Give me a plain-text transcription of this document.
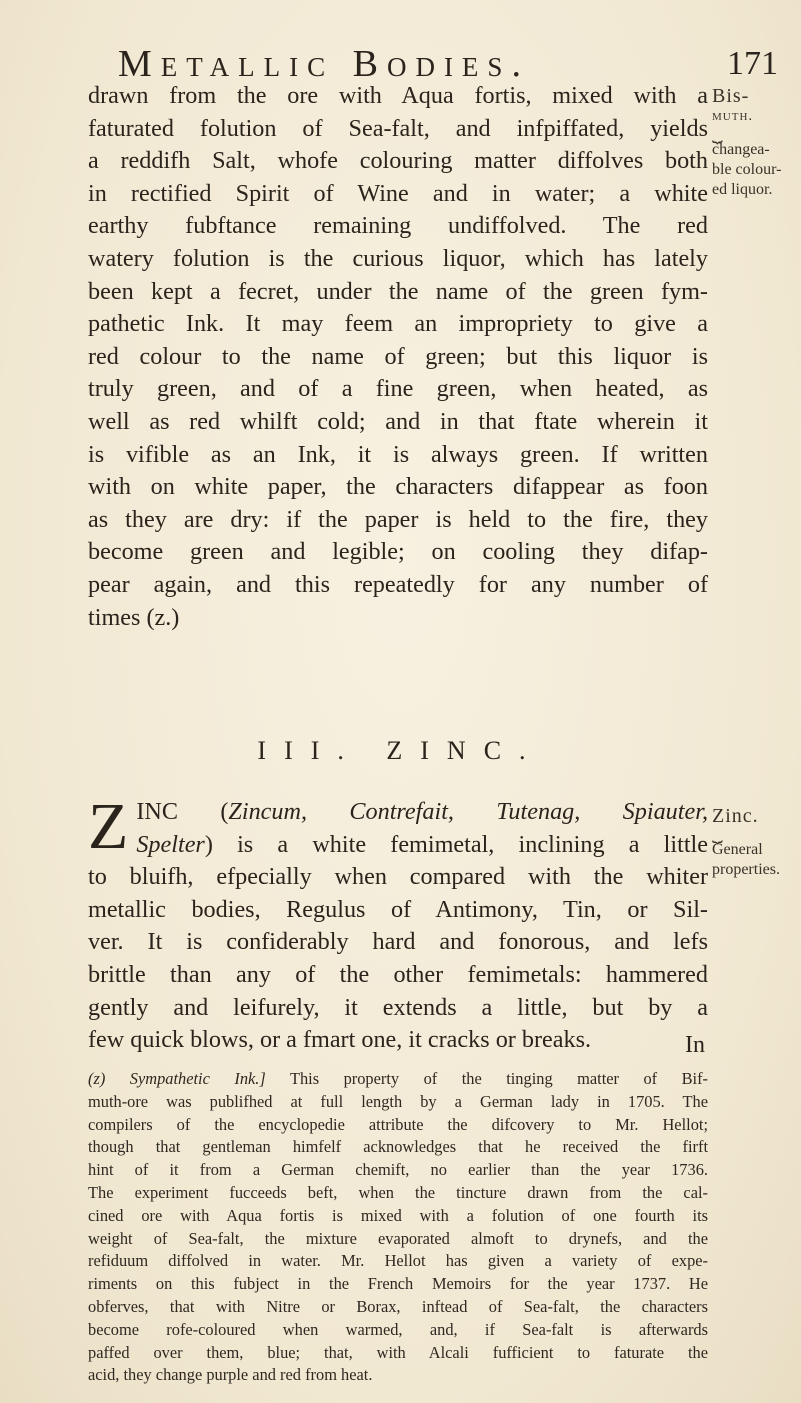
Metallic Bodies.	171
Bis-
muth.
⏟
changea-
ble colour-
ed liquor.
drawn from the ore with Aqua fortis, mixed with a
faturated folution of Sea-falt, and infpiffated, yields
a reddifh Salt, whofe colouring matter diffolves both
in rectified Spirit of Wine and in water; a white
earthy fubftance remaining undiffolved. The red
watery folution is the curious liquor, which has lately
been kept a fecret, under the name of the green fym-
pathetic Ink. It may feem an impropriety to give a
red colour to the name of green; but this liquor is
truly green, and of a fine green, when heated, as
well as red whilft cold; and in that ftate wherein it
is vifible as an Ink, it is always green. If written
with on white paper, the characters difappear as foon
as they are dry: if the paper is held to the fire, they
become green and legible; on cooling they difap-
pear again, and this repeatedly for any number of
times (z.)
III. ZINC.
Zinc.
⏟
General
properties.
Z INC (Zincum, Contrefait, Tutenag, Spiauter,
Spelter) is a white femimetal, inclining a little
to bluifh, efpecially when compared with the whiter
metallic bodies, Regulus of Antimony, Tin, or Sil-
ver. It is confiderably hard and fonorous, and lefs
brittle than any of the other femimetals: hammered
gently and leifurely, it extends a little, but by a
few quick blows, or a fmart one, it cracks or breaks.	In
(z) Sympathetic Ink.] This property of the tinging matter of Bif-
muth-ore was publifhed at full length by a German lady in 1705. The
compilers of the encyclopedie attribute the difcovery to Mr. Hellot;
though that gentleman himfelf acknowledges that he received the firft
hint of it from a German chemift, no earlier than the year 1736.
The experiment fucceeds beft, when the tincture drawn from the cal-
cined ore with Aqua fortis is mixed with a folution of one fourth its
weight of Sea-falt, the mixture evaporated almoft to drynefs, and the
refiduum diffolved in water. Mr. Hellot has given a variety of expe-
riments on this fubject in the French Memoirs for the year 1737. He
obferves, that with Nitre or Borax, inftead of Sea-falt, the characters
become rofe-coloured when warmed, and, if Sea-falt is afterwards
paffed over them, blue; that, with Alcali fufficient to faturate the
acid, they change purple and red from heat.
